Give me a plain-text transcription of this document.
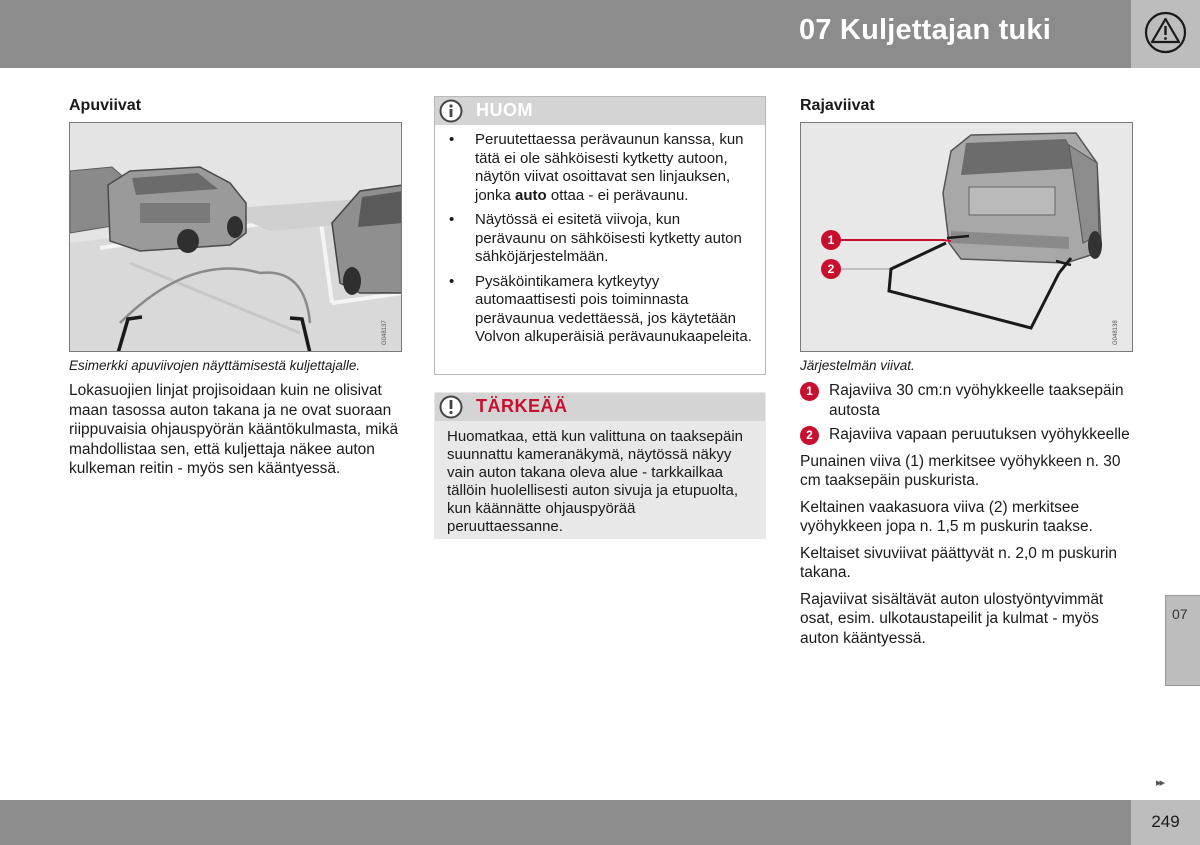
07 Kuljettajan tuki
Apuviivat
G048137

Esimerkki apuviivojen näyttämisestä kuljettajalle.

Lokasuojien linjat projisoidaan kuin ne olisivat maan tasossa auton takana ja ne ovat suoraan riippuvaisia ohjauspyörän kääntökulmasta, mikä mahdollistaa sen, että kuljettaja näkee auton kulkeman reitin - myös sen kääntyessä.

HUOM
• Peruutettaessa perävaunun kanssa, kun tätä ei ole sähköisesti kytketty autoon, näytön viivat osoittavat sen linjauksen, jonka auto ottaa - ei perävaunu.
• Näytössä ei esitetä viivoja, kun perävaunu on sähköisesti kytketty auton sähköjärjestelmään.
• Pysäköintikamera kytkeytyy automaattisesti pois toiminnasta perävaunua vedettäessä, jos käytetään Volvon alkuperäisiä perävaunukaapeleita.
TÄRKEÄÄ

Huomatkaa, että kun valittuna on taaksepäin suunnattu kameranäkymä, näytössä näkyy vain auton takana oleva alue - tarkkailkaa tällöin huolellisesti auton sivuja ja etupuolta, kun käännätte ohjauspyörää peruuttaessanne.

Rajaviivat
1
2
G048138

Järjestelmän viivat.

1	Rajaviiva 30 cm:n vyöhykkeelle taaksepäin autosta
2	Rajaviiva vapaan peruutuksen vyöhykkeelle

Punainen viiva (1) merkitsee vyöhykkeen n. 30 cm taaksepäin puskurista.

Keltainen vaakasuora viiva (2) merkitsee vyöhykkeen jopa n. 1,5 m puskurin taakse.

Keltaiset sivuviivat päättyvät n. 2,0 m puskurin takana.

Rajaviivat sisältävät auton ulostyöntyvimmät osat, esim. ulkotaustapeilit ja kulmat - myös auton kääntyessä.

07
▸▸
249
